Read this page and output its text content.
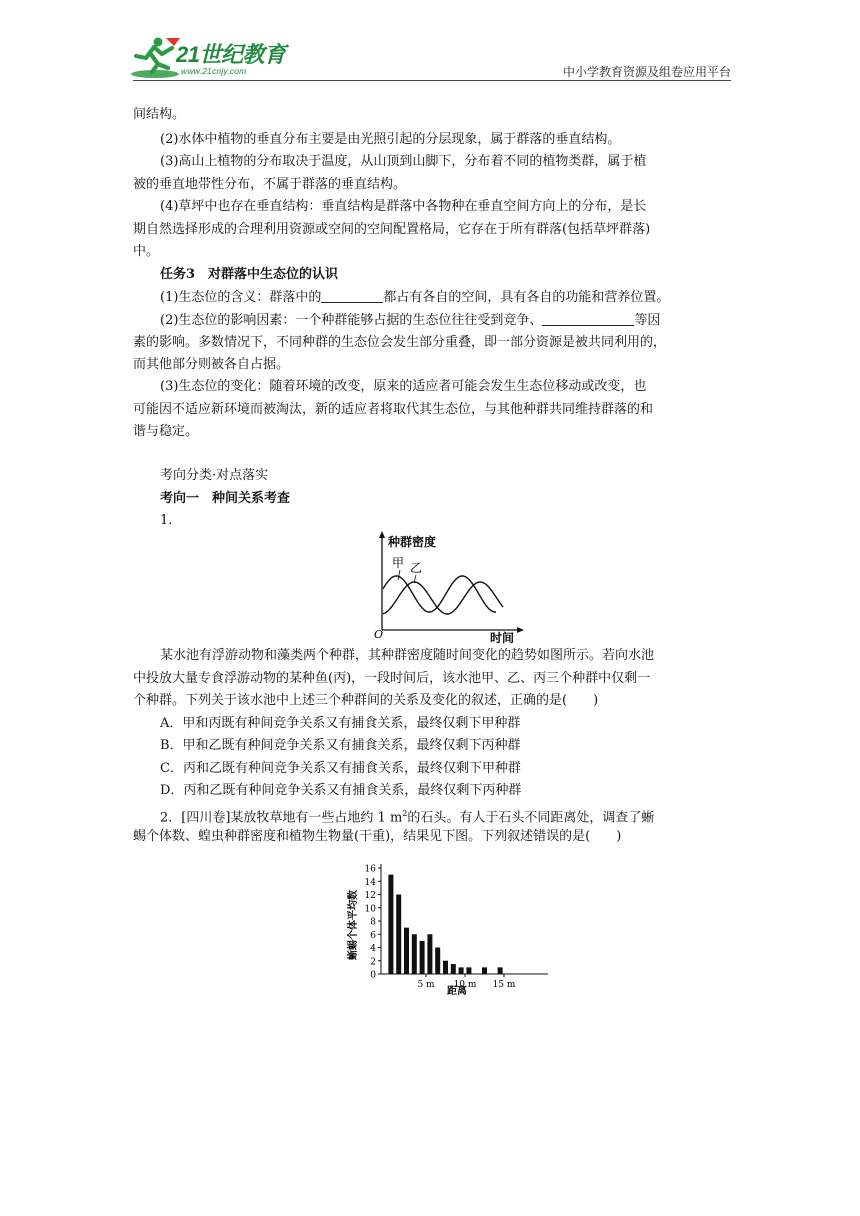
21世纪教育
www.21cnjy.com	中小学教育资源及组卷应用平台
间结构。
(2)水体中植物的垂直分布主要是由光照引起的分层现象，属于群落的垂直结构。
(3)高山上植物的分布取决于温度，从山顶到山脚下，分布着不同的植物类群，属于植
被的垂直地带性分布，不属于群落的垂直结构。
(4)草坪中也存在垂直结构：垂直结构是群落中各物种在垂直空间方向上的分布，是长
期自然选择形成的合理利用资源或空间的空间配置格局，它存在于所有群落(包括草坪群落)
中。
任务3　对群落中生态位的认识
(1)生态位的含义：群落中的	都占有各自的空间，具有各自的功能和营养位置。
(2)生态位的影响因素：一个种群能够占据的生态位往往受到竞争、	等因
素的影响。多数情况下，不同种群的生态位会发生部分重叠，即一部分资源是被共同利用的，
而其他部分则被各自占据。
(3)生态位的变化：随着环境的改变，原来的适应者可能会发生生态位移动或改变，也
可能因不适应新环境而被淘汰，新的适应者将取代其生态位，与其他种群共同维持群落的和
谐与稳定。
考向分类·对点落实
考向一　种间关系考查
1.
种群密度
时间
O
甲 乙
某水池有浮游动物和藻类两个种群，其种群密度随时间变化的趋势如图所示。若向水池
中投放大量专食浮游动物的某种鱼(丙)，一段时间后，该水池甲、乙、丙三个种群中仅剩一
个种群。下列关于该水池中上述三个种群间的关系及变化的叙述，正确的是(　　)
A．甲和丙既有种间竞争关系又有捕食关系，最终仅剩下甲种群
B．甲和乙既有种间竞争关系又有捕食关系，最终仅剩下丙种群
C．丙和乙既有种间竞争关系又有捕食关系，最终仅剩下甲种群
D．丙和乙既有种间竞争关系又有捕食关系，最终仅剩下丙种群
2．[四川卷]某放牧草地有一些占地约 1 $m^2$的石头。有人于石头不同距离处，调查了蜥
蜴个体数、蝗虫种群密度和植物生物量(干重)，结果见下图。下列叙述错误的是(　　)
0
2
4
6
8
10
12
14
16
5 m 10 m 15 m
蜥蜴个体平均数
距离
